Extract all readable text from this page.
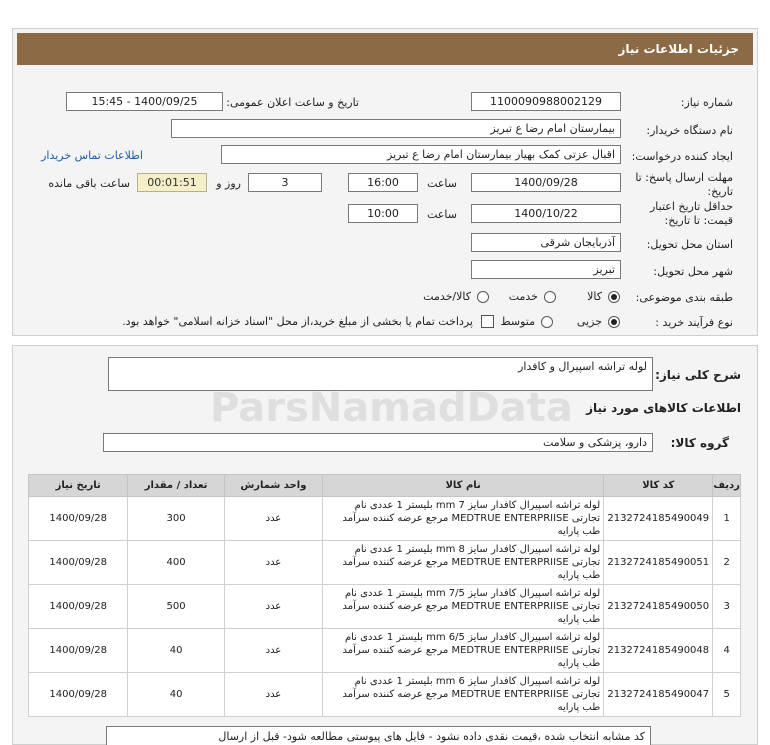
جزئیات اطلاعات نیاز
شماره نیاز:
1100090988002129
تاریخ و ساعت اعلان عمومی:
1400/09/25 - 15:45
نام دستگاه خریدار:
بیمارستان امام رضا ع تبریز
ایجاد کننده درخواست:
اقبال عزتی کمک بهیار بیمارستان امام رضا ع تبریز
اطلاعات تماس خریدار
مهلت ارسال پاسخ: تا تاریخ:
1400/09/28
ساعت
16:00
3
روز و
00:01:51
ساعت باقی مانده
حداقل تاریخ اعتبار قیمت: تا تاریخ:
1400/10/22
ساعت
10:00
استان محل تحویل:
آذربایجان شرقی
شهر محل تحویل:
تبریز
طبقه بندی موضوعی:
کالا
خدمت
کالا/خدمت
نوع فرآیند خرید :
جزیی
متوسط
پرداخت تمام یا بخشی از مبلغ خرید،از محل "اسناد خزانه اسلامی" خواهد بود.
شرح کلی نیاز:
لوله تراشه اسپیرال و کافدار
اطلاعات کالاهای مورد نیاز
گروه کالا:
دارو، پزشکی و سلامت
ردیف	کد کالا	نام کالا	واحد شمارش	تعداد / مقدار	تاریخ نیاز
1	2132724185490049	لوله تراشه اسپیرال کافدار سایز 7 mm بلیستر 1 عددی نام تجارتی MEDTRUE ENTERPRIISE مرجع عرضه کننده سرآمد طب پارایه	عدد	300	1400/09/28
2	2132724185490051	لوله تراشه اسپیرال کافدار سایز 8 mm بلیستر 1 عددی نام تجارتی MEDTRUE ENTERPRIISE مرجع عرضه کننده سرآمد طب پارایه	عدد	400	1400/09/28
3	2132724185490050	لوله تراشه اسپیرال کافدار سایز 7/5 mm بلیستر 1 عددی نام تجارتی MEDTRUE ENTERPRIISE مرجع عرضه کننده سرآمد طب پارایه	عدد	500	1400/09/28
4	2132724185490048	لوله تراشه اسپیرال کافدار سایز 6/5 mm بلیستر 1 عددی نام تجارتی MEDTRUE ENTERPRIISE مرجع عرضه کننده سرآمد طب پارایه	عدد	40	1400/09/28
5	2132724185490047	لوله تراشه اسپیرال کافدار سایز 6 mm بلیستر 1 عددی نام تجارتی MEDTRUE ENTERPRIISE مرجع عرضه کننده سرآمد طب پارایه	عدد	40	1400/09/28
کد مشابه انتخاب شده ،قیمت نقدی داده نشود - فایل های پیوستی مطالعه شود- قبل از ارسال
ParsNamadData
